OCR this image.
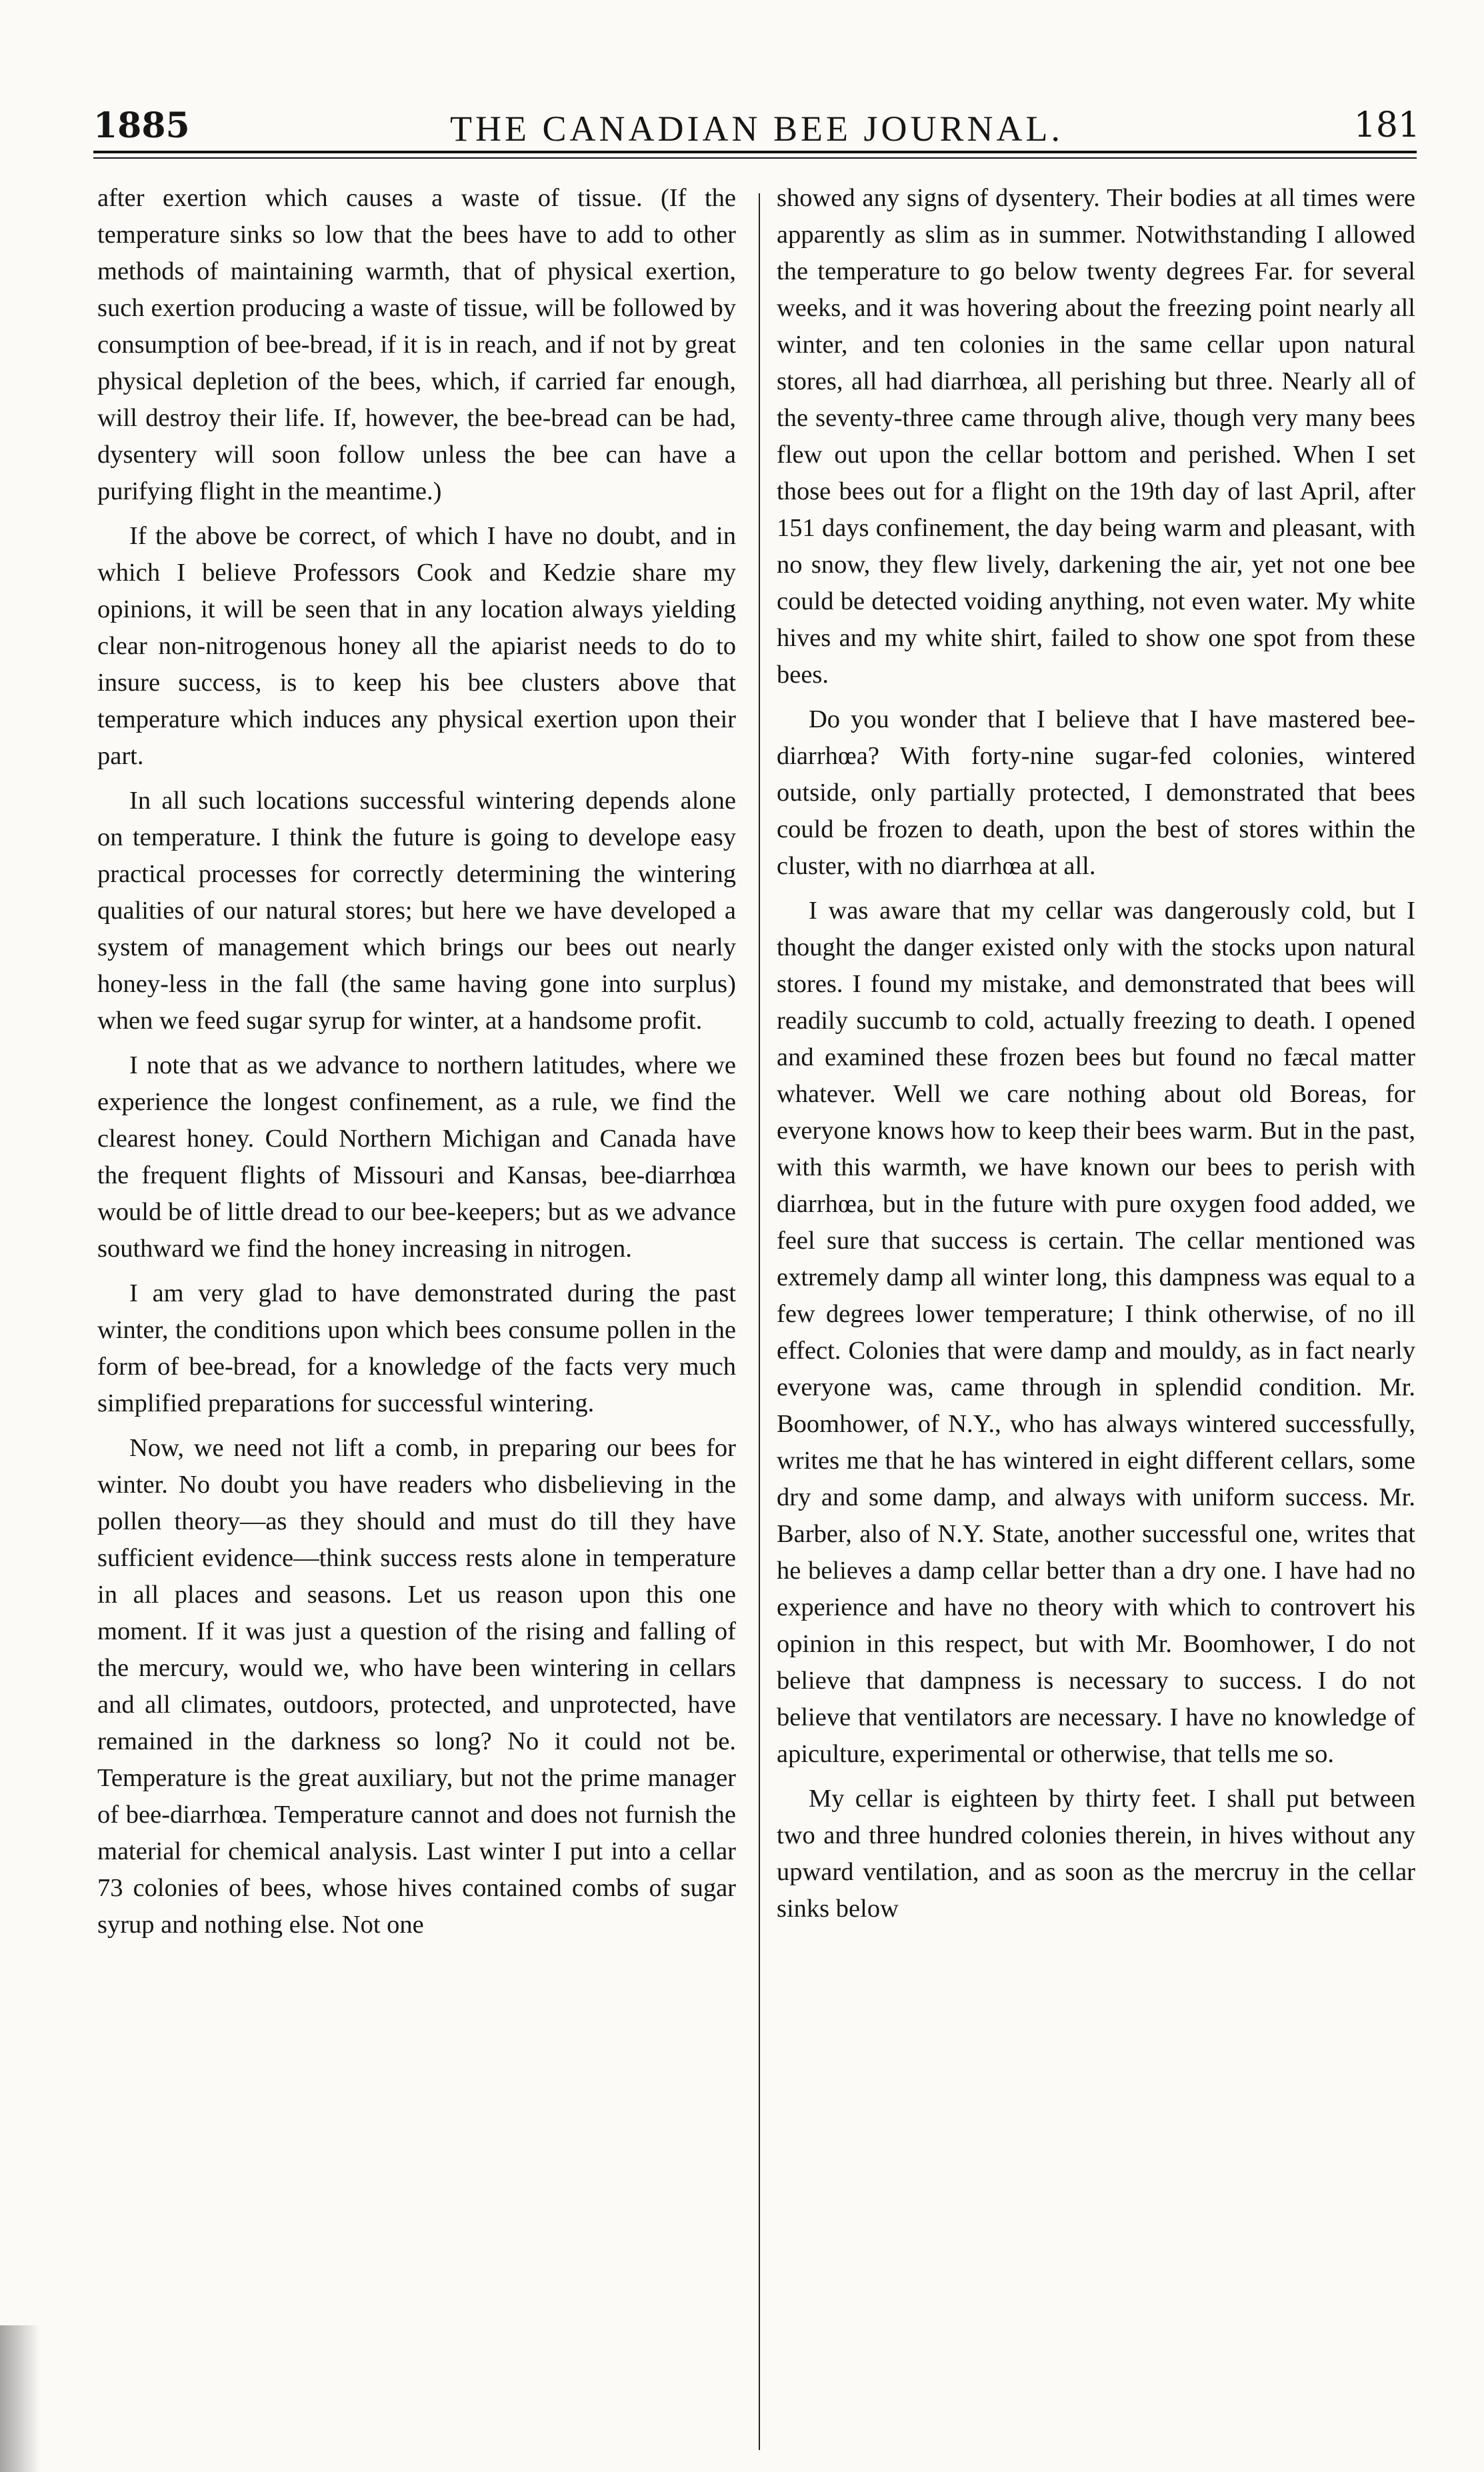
1885	THE CANADIAN BEE JOURNAL.	181

after exertion which causes a waste of tissue. (If the temperature sinks so low that the bees have to add to other methods of maintaining warmth, that of physical exertion, such exertion producing a waste of tissue, will be followed by consumption of bee-bread, if it is in reach, and if not by great physical depletion of the bees, which, if carried far enough, will destroy their life. If, however, the bee-bread can be had, dysentery will soon follow unless the bee can have a purifying flight in the meantime.)

If the above be correct, of which I have no doubt, and in which I believe Professors Cook and Kedzie share my opinions, it will be seen that in any location always yielding clear non-nitrogenous honey all the apiarist needs to do to insure success, is to keep his bee clusters above that temperature which induces any physical exertion upon their part.

In all such locations successful wintering depends alone on temperature. I think the future is going to develope easy practical processes for correctly determining the wintering qualities of our natural stores; but here we have developed a system of management which brings our bees out nearly honey-less in the fall (the same having gone into surplus) when we feed sugar syrup for winter, at a handsome profit.

I note that as we advance to northern latitudes, where we experience the longest confinement, as a rule, we find the clearest honey. Could Northern Michigan and Canada have the frequent flights of Missouri and Kansas, bee-diarrhœa would be of little dread to our bee-keepers; but as we advance southward we find the honey increasing in nitrogen.

I am very glad to have demonstrated during the past winter, the conditions upon which bees consume pollen in the form of bee-bread, for a knowledge of the facts very much simplified preparations for successful wintering.

Now, we need not lift a comb, in preparing our bees for winter. No doubt you have readers who disbelieving in the pollen theory—as they should and must do till they have sufficient evidence—think success rests alone in temperature in all places and seasons. Let us reason upon this one moment. If it was just a question of the rising and falling of the mercury, would we, who have been wintering in cellars and all climates, outdoors, protected, and unprotected, have remained in the darkness so long? No it could not be. Temperature is the great auxiliary, but not the prime manager of bee-diarrhœa. Temperature cannot and does not furnish the material for chemical analysis. Last winter I put into a cellar 73 colonies of bees, whose hives contained combs of sugar syrup and nothing else. Not one

showed any signs of dysentery. Their bodies at all times were apparently as slim as in summer. Notwithstanding I allowed the temperature to go below twenty degrees Far. for several weeks, and it was hovering about the freezing point nearly all winter, and ten colonies in the same cellar upon natural stores, all had diarrhœa, all perishing but three. Nearly all of the seventy-three came through alive, though very many bees flew out upon the cellar bottom and perished. When I set those bees out for a flight on the 19th day of last April, after 151 days confinement, the day being warm and pleasant, with no snow, they flew lively, darkening the air, yet not one bee could be detected voiding anything, not even water. My white hives and my white shirt, failed to show one spot from these bees.

Do you wonder that I believe that I have mastered bee-diarrhœa? With forty-nine sugar-fed colonies, wintered outside, only partially protected, I demonstrated that bees could be frozen to death, upon the best of stores within the cluster, with no diarrhœa at all.

I was aware that my cellar was dangerously cold, but I thought the danger existed only with the stocks upon natural stores. I found my mistake, and demonstrated that bees will readily succumb to cold, actually freezing to death. I opened and examined these frozen bees but found no fæcal matter whatever. Well we care nothing about old Boreas, for everyone knows how to keep their bees warm. But in the past, with this warmth, we have known our bees to perish with diarrhœa, but in the future with pure oxygen food added, we feel sure that success is certain. The cellar mentioned was extremely damp all winter long, this dampness was equal to a few degrees lower temperature; I think otherwise, of no ill effect. Colonies that were damp and mouldy, as in fact nearly everyone was, came through in splendid condition. Mr. Boomhower, of N.Y., who has always wintered successfully, writes me that he has wintered in eight different cellars, some dry and some damp, and always with uniform success. Mr. Barber, also of N.Y. State, another successful one, writes that he believes a damp cellar better than a dry one. I have had no experience and have no theory with which to controvert his opinion in this respect, but with Mr. Boomhower, I do not believe that dampness is necessary to success. I do not believe that ventilators are necessary. I have no knowledge of apiculture, experimental or otherwise, that tells me so.

My cellar is eighteen by thirty feet. I shall put between two and three hundred colonies therein, in hives without any upward ventilation, and as soon as the mercruy in the cellar sinks below
